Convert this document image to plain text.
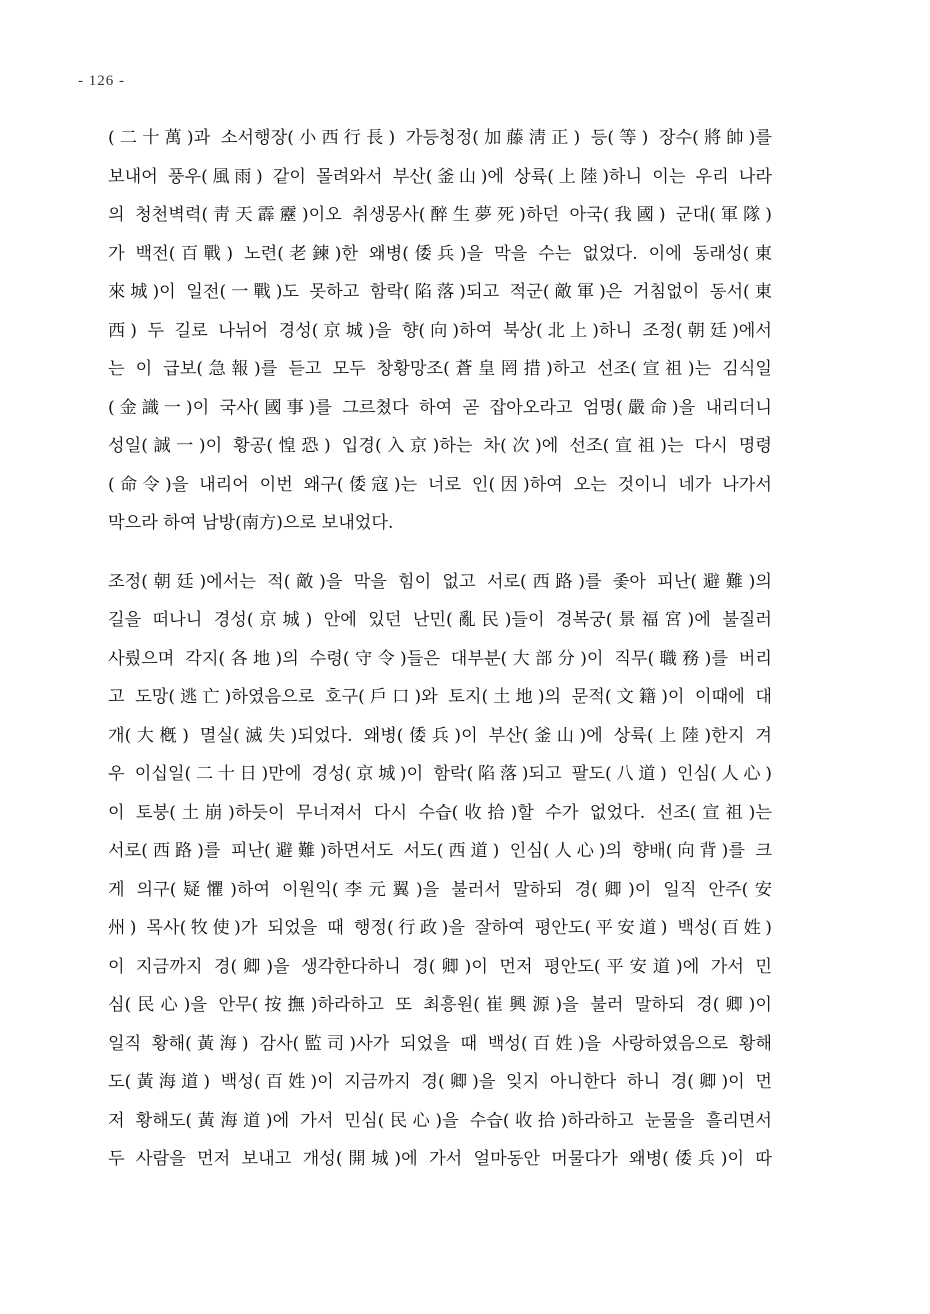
- 126 -
(二十萬)과 소서행장(小西行長) 가등청정(加藤淸正) 등(等) 장수(將帥)를
보내어 풍우(風雨) 같이 몰려와서 부산(釜山)에 상륙(上陸)하니 이는 우리 나라
의 청천벽력(靑天霹靂)이오 취생몽사(醉生夢死)하던 아국(我國) 군대(軍隊)
가 백전(百戰) 노련(老鍊)한 왜병(倭兵)을 막을 수는 없었다. 이에 동래성(東
來城)이 일전(一戰)도 못하고 함락(陷落)되고 적군(敵軍)은 거침없이 동서(東
西) 두 길로 나뉘어 경성(京城)을 향(向)하여 북상(北上)하니 조정(朝廷)에서
는 이 급보(急報)를 듣고 모두 창황망조(蒼皇罔措)하고 선조(宣祖)는 김식일
(金識一)이 국사(國事)를 그르쳤다 하여 곧 잡아오라고 엄명(嚴命)을 내리더니
성일(誠一)이 황공(惶恐) 입경(入京)하는 차(次)에 선조(宣祖)는 다시 명령
(命令)을 내리어 이번 왜구(倭寇)는 너로 인(因)하여 오는 것이니 네가 나가서
막으라 하여 남방(南方)으로 보내었다.
조정(朝廷)에서는 적(敵)을 막을 힘이 없고 서로(西路)를 좇아 피난(避難)의
길을 떠나니 경성(京城) 안에 있던 난민(亂民)들이 경복궁(景福宮)에 불질러
사뤘으며 각지(各地)의 수령(守令)들은 대부분(大部分)이 직무(職務)를 버리
고 도망(逃亡)하였음으로 호구(戶口)와 토지(土地)의 문적(文籍)이 이때에 대
개(大槪) 멸실(滅失)되었다. 왜병(倭兵)이 부산(釜山)에 상륙(上陸)한지 겨
우 이십일(二十日)만에 경성(京城)이 함락(陷落)되고 팔도(八道) 인심(人心)
이 토붕(土崩)하듯이 무너져서 다시 수습(收拾)할 수가 없었다. 선조(宣祖)는
서로(西路)를 피난(避難)하면서도 서도(西道) 인심(人心)의 향배(向背)를 크
게 의구(疑懼)하여 이원익(李元翼)을 불러서 말하되 경(卿)이 일직 안주(安
州) 목사(牧使)가 되었을 때 행정(行政)을 잘하여 평안도(平安道) 백성(百姓)
이 지금까지 경(卿)을 생각한다하니 경(卿)이 먼저 평안도(平安道)에 가서 민
심(民心)을 안무(按撫)하라하고 또 최흥원(崔興源)을 불러 말하되 경(卿)이
일직 황해(黃海) 감사(監司)사가 되었을 때 백성(百姓)을 사랑하였음으로 황해
도(黃海道) 백성(百姓)이 지금까지 경(卿)을 잊지 아니한다 하니 경(卿)이 먼
저 황해도(黃海道)에 가서 민심(民心)을 수습(收拾)하라하고 눈물을 흘리면서
두 사람을 먼저 보내고 개성(開城)에 가서 얼마동안 머물다가 왜병(倭兵)이 따
